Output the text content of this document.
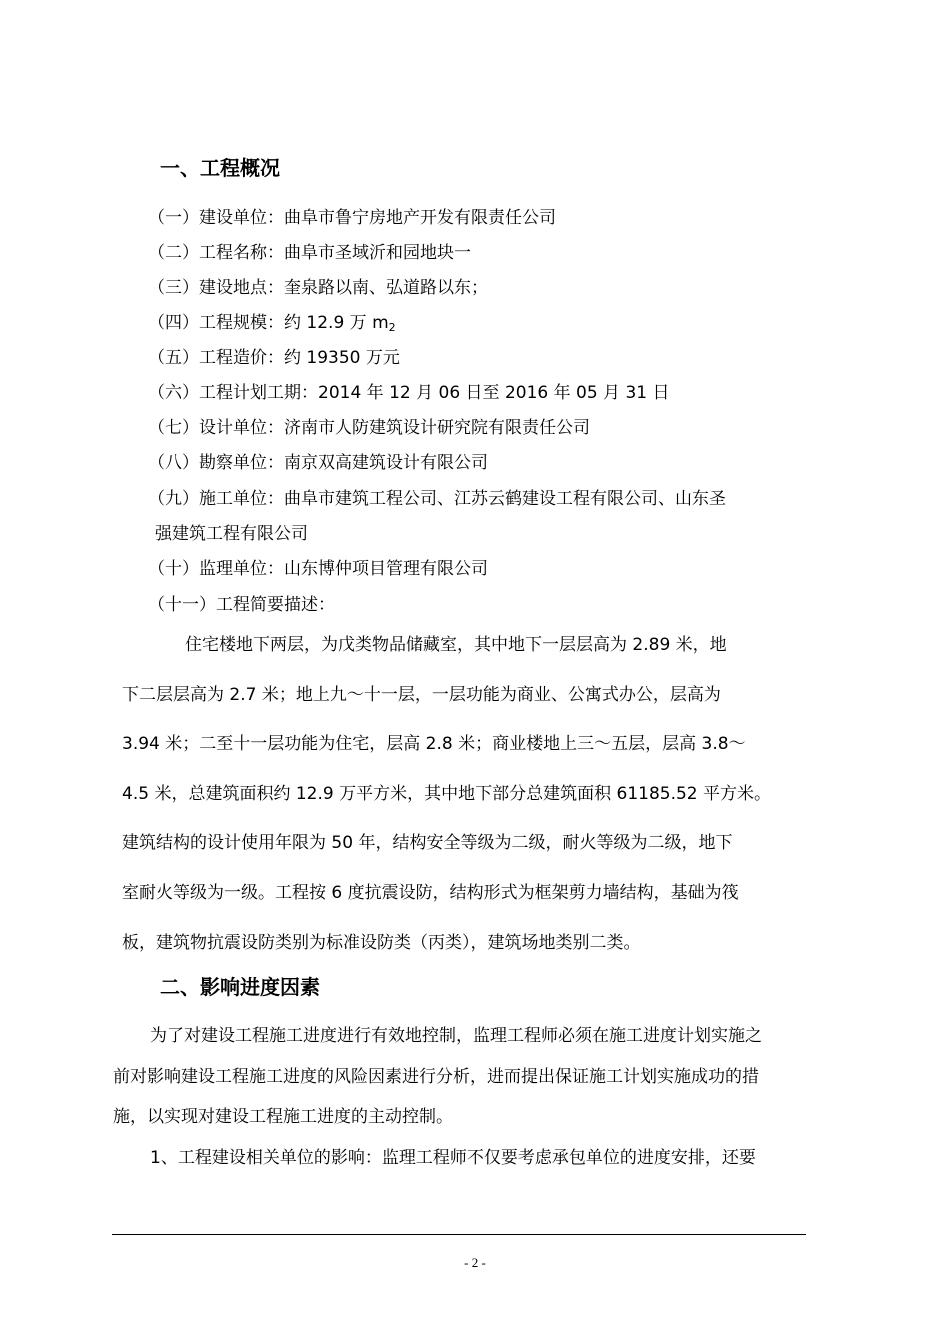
一、工程概况
（一）建设单位：曲阜市鲁宁房地产开发有限责任公司
（二）工程名称：曲阜市圣域沂和园地块一
（三）建设地点：奎泉路以南、弘道路以东；
（四）工程规模：约 12.9 万 $m_2$
（五）工程造价：约 19350 万元
（六）工程计划工期：2014 年 12 月 06 日至 2016 年 05 月 31 日
（七）设计单位：济南市人防建筑设计研究院有限责任公司
（八）勘察单位：南京双高建筑设计有限公司
（九）施工单位：曲阜市建筑工程公司、江苏云鹤建设工程有限公司、山东圣
强建筑工程有限公司
（十）监理单位：山东博仲项目管理有限公司
（十一）工程简要描述：
住宅楼地下两层，为戊类物品储藏室，其中地下一层层高为 2.89 米，地
下二层层高为 2.7 米；地上九～十一层，一层功能为商业、公寓式办公，层高为
3.94 米；二至十一层功能为住宅，层高 2.8 米；商业楼地上三～五层，层高 3.8～
4.5 米，总建筑面积约 12.9 万平方米，其中地下部分总建筑面积 61185.52 平方米。
建筑结构的设计使用年限为 50 年，结构安全等级为二级，耐火等级为二级，地下
室耐火等级为一级。工程按 6 度抗震设防，结构形式为框架剪力墙结构，基础为筏
板，建筑物抗震设防类别为标准设防类（丙类），建筑场地类别二类。
二、影响进度因素
为了对建设工程施工进度进行有效地控制，监理工程师必须在施工进度计划实施之
前对影响建设工程施工进度的风险因素进行分析，进而提出保证施工计划实施成功的措
施，以实现对建设工程施工进度的主动控制。
1、工程建设相关单位的影响：监理工程师不仅要考虑承包单位的进度安排，还要
- 2 -
